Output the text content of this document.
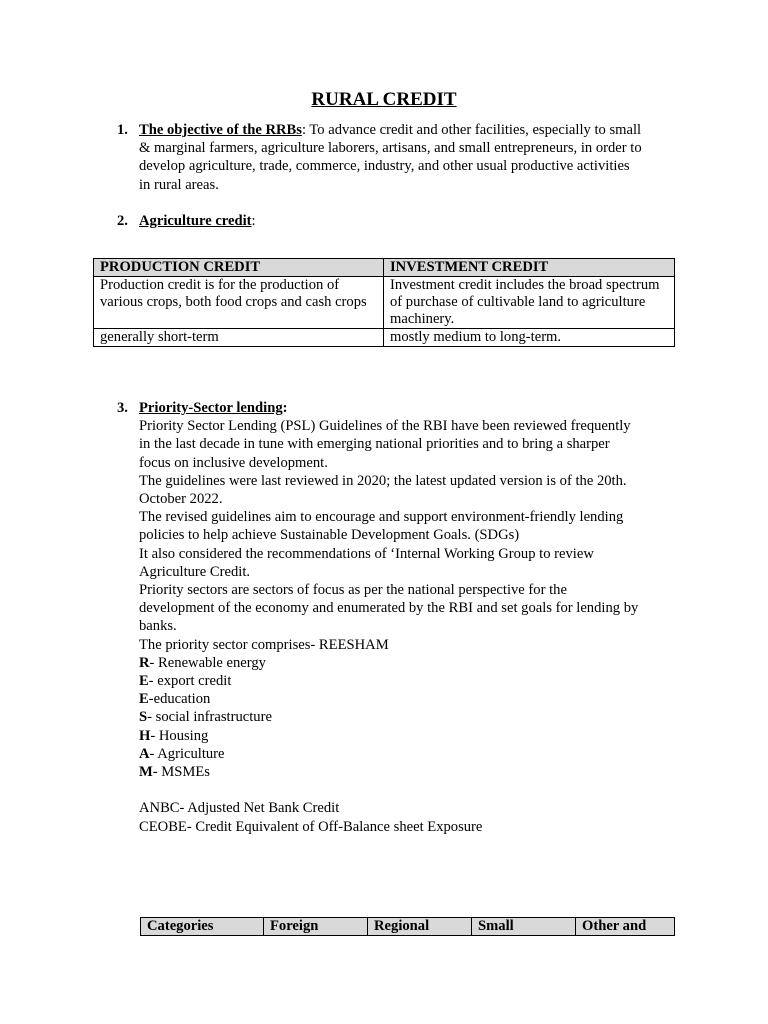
RURAL CREDIT
1. The objective of the RRBs: To advance credit and other facilities, especially to small
& marginal farmers, agriculture laborers, artisans, and small entrepreneurs, in order to
develop agriculture, trade, commerce, industry, and other usual productive activities
in rural areas.
2. Agriculture credit:
PRODUCTION CREDIT	INVESTMENT CREDIT
Production credit is for the production of various crops, both food crops and cash crops	Investment credit includes the broad spectrum of purchase of cultivable land to agriculture machinery.
generally short-term	mostly medium to long-term.
3. Priority-Sector lending:
Priority Sector Lending (PSL) Guidelines of the RBI have been reviewed frequently
in the last decade in tune with emerging national priorities and to bring a sharper
focus on inclusive development.
The guidelines were last reviewed in 2020; the latest updated version is of the 20th.
October 2022.
The revised guidelines aim to encourage and support environment-friendly lending
policies to help achieve Sustainable Development Goals. (SDGs)
It also considered the recommendations of ‘Internal Working Group to review
Agriculture Credit.
Priority sectors are sectors of focus as per the national perspective for the
development of the economy and enumerated by the RBI and set goals for lending by
banks.
The priority sector comprises- REESHAM
R- Renewable energy
E- export credit
E-education
S- social infrastructure
H- Housing
A- Agriculture
M- MSMEs

ANBC- Adjusted Net Bank Credit
CEOBE- Credit Equivalent of Off-Balance sheet Exposure
Categories	Foreign	Regional	Small	Other and
